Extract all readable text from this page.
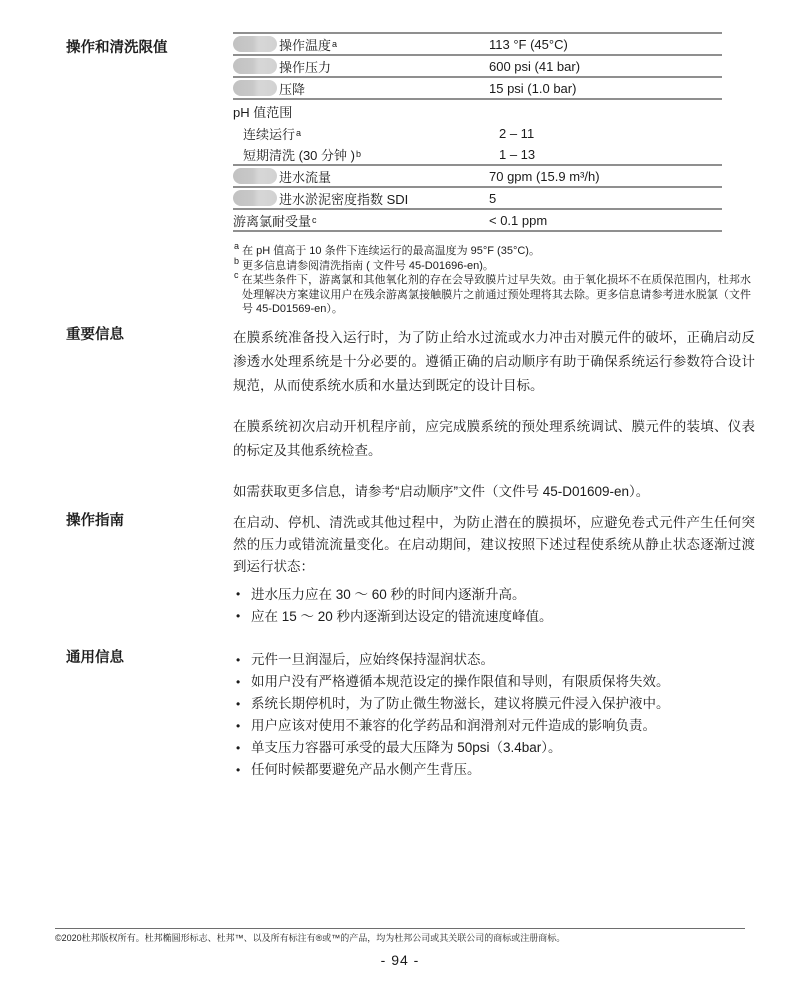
操作和清洗限值	操作温度 a	113 °F (45°C)
操作压力	600 psi (41 bar)
压降	15 psi (1.0 bar)
pH 值范围
连续运行 a	2 – 11
短期清洗 (30 分钟 ) b	1 – 13
进水流量	70 gpm (15.9 m³/h)
进水淤泥密度指数 SDI	5
游离氯耐受量 c	< 0.1 ppm
$^a$ 在 pH 值高于 10 条件下连续运行的最高温度为 95°F (35°C)。
$^b$ 更多信息请参阅清洗指南 ( 文件号 45-D01696-en)。
$^c$ 在某些条件下，游离氯和其他氧化剂的存在会导致膜片过早失效。由于氧化损坏不在质保范围内，杜邦水处理解决方案建议用户在残余游离氯接触膜片之前通过预处理将其去除。更多信息请参考进水脱氯（文件号 45-D01569-en）。
重要信息	在膜系统准备投入运行时，为了防止给水过流或水力冲击对膜元件的破坏，正确启动反渗透水处理系统是十分必要的。遵循正确的启动顺序有助于确保系统运行参数符合设计规范，从而使系统水质和水量达到既定的设计目标。

在膜系统初次启动开机程序前，应完成膜系统的预处理系统调试、膜元件的装填、仪表的标定及其他系统检查。

如需获取更多信息，请参考“启动顺序”文件（文件号 45-D01609-en）。

操作指南	在启动、停机、清洗或其他过程中，为防止潜在的膜损坏，应避免卷式元件产生任何突然的压力或错流流量变化。在启动期间，建议按照下述过程使系统从静止状态逐渐过渡到运行状态：

• 进水压力应在 30 ～ 60 秒的时间内逐渐升高。
• 应在 15 ～ 20 秒内逐渐到达设定的错流速度峰值。
通用信息	• 元件一旦润湿后，应始终保持湿润状态。
• 如用户没有严格遵循本规范设定的操作限值和导则，有限质保将失效。
• 系统长期停机时，为了防止微生物滋长，建议将膜元件浸入保护液中。
• 用户应该对使用不兼容的化学药品和润滑剂对元件造成的影响负责。
• 单支压力容器可承受的最大压降为 50psi（3.4bar）。
• 任何时候都要避免产品水侧产生背压。
©2020杜邦版权所有。杜邦椭圆形标志、杜邦™、以及所有标注有®或™的产品，均为杜邦公司或其关联公司的商标或注册商标。
- 94 -
